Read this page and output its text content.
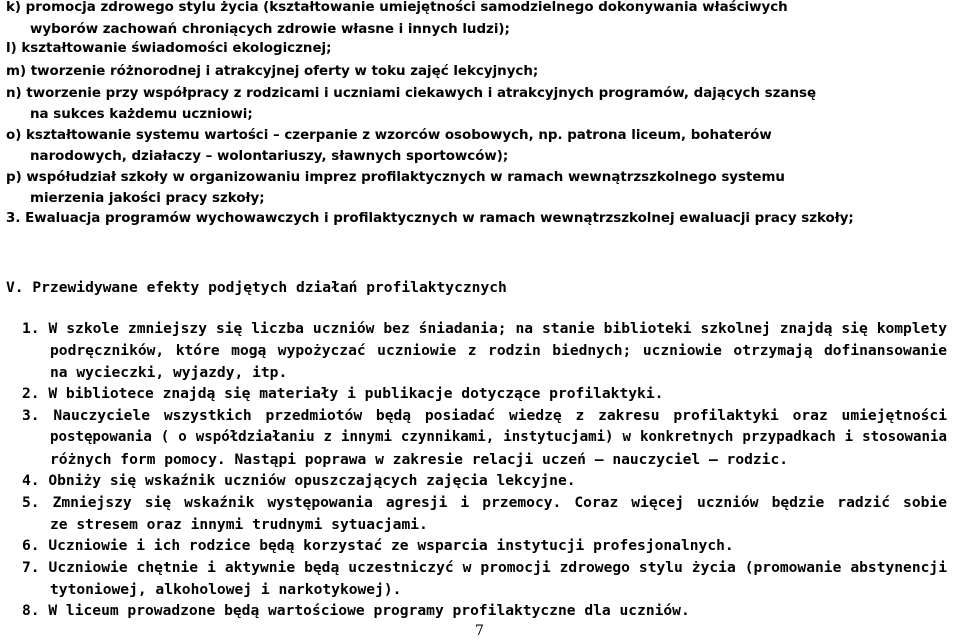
k) promocja zdrowego stylu życia (kształtowanie umiejętności samodzielnego dokonywania właściwych
wyborów zachowań chroniących zdrowie własne i innych ludzi);
l) kształtowanie świadomości ekologicznej;
m) tworzenie różnorodnej i atrakcyjnej oferty w toku zajęć lekcyjnych;
n) tworzenie przy współpracy z rodzicami i uczniami ciekawych i atrakcyjnych programów, dających szansę
na sukces każdemu uczniowi;
o) kształtowanie systemu wartości – czerpanie z wzorców osobowych, np. patrona liceum, bohaterów
narodowych, działaczy – wolontariuszy, sławnych sportowców);
p) współudział szkoły w organizowaniu imprez profilaktycznych w ramach wewnątrzszkolnego systemu
mierzenia jakości pracy szkoły;
3. Ewaluacja programów wychowawczych i profilaktycznych w ramach wewnątrzszkolnej ewaluacji pracy szkoły;
V. Przewidywane efekty podjętych działań profilaktycznych
1. W szkole zmniejszy się liczba uczniów bez śniadania; na stanie biblioteki szkolnej znajdą się komplety
podręczników, które mogą wypożyczać uczniowie z rodzin biednych; uczniowie otrzymają dofinansowanie
na wycieczki, wyjazdy, itp.
2. W bibliotece znajdą się materiały i publikacje dotyczące profilaktyki.
3. Nauczyciele wszystkich przedmiotów będą posiadać wiedzę z zakresu profilaktyki oraz umiejętności
postępowania ( o współdziałaniu z innymi czynnikami, instytucjami) w konkretnych przypadkach i stosowania
różnych form pomocy. Nastąpi poprawa w zakresie relacji uczeń – nauczyciel – rodzic.
4. Obniży się wskaźnik uczniów opuszczających zajęcia lekcyjne.
5. Zmniejszy się wskaźnik występowania agresji i przemocy. Coraz więcej uczniów będzie radzić sobie
ze stresem oraz innymi trudnymi sytuacjami.
6. Uczniowie i ich rodzice będą korzystać ze wsparcia instytucji profesjonalnych.
7. Uczniowie chętnie i aktywnie będą uczestniczyć w promocji zdrowego stylu życia (promowanie abstynencji
tytoniowej, alkoholowej i narkotykowej).
8. W liceum prowadzone będą wartościowe programy profilaktyczne dla uczniów.
7
